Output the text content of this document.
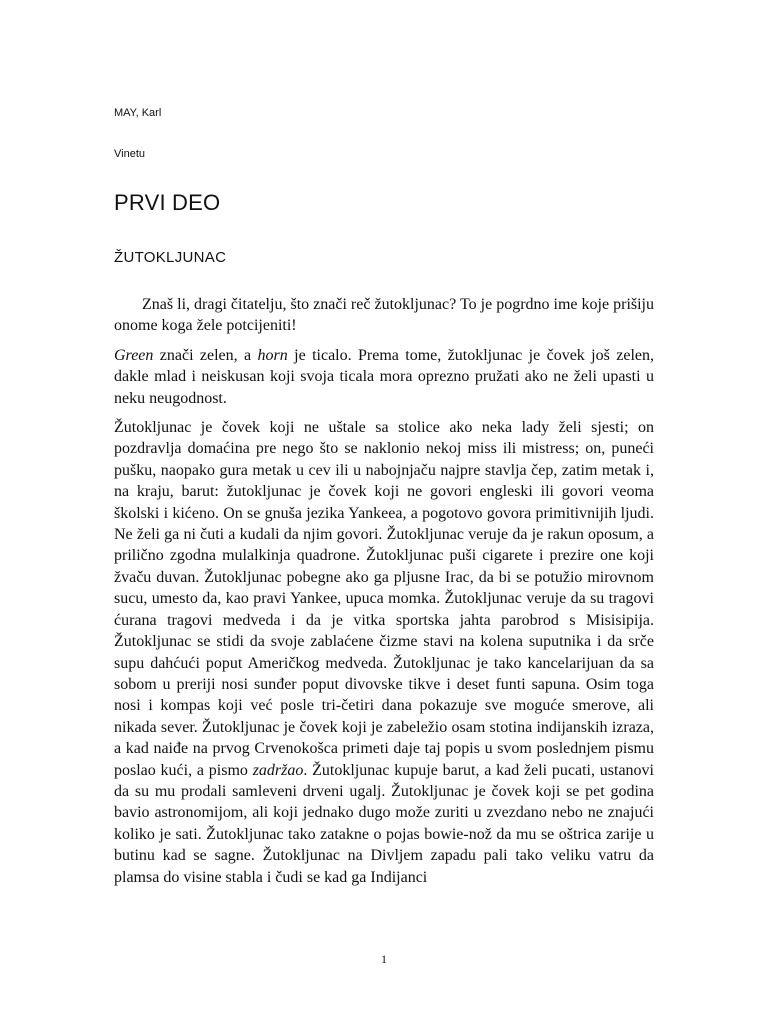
MAY, Karl
Vinetu
PRVI DEO
ŽUTOKLJUNAC

Znaš li, dragi čitatelju, što znači reč žutokljunac? To je pogrdno ime koje prišiju onome koga žele potcijeniti!

Green znači zelen, a horn je ticalo. Prema tome, žutokljunac je čovek još zelen, dakle mlad i neiskusan koji svoja ticala mora oprezno pružati ako ne želi upasti u neku neugodnost.

Žutokljunac je čovek koji ne uštale sa stolice ako neka lady želi sjesti; on pozdravlja domaćina pre nego što se naklonio nekoj miss ili mistress; on, puneći pušku, naopako gura metak u cev ili u nabojnjaču najpre stavlja čep, zatim metak i, na kraju, barut: žutokljunac je čovek koji ne govori engleski ili govori veoma školski i kićeno. On se gnuša jezika Yankeea, a pogotovo govora primitivnijih ljudi. Ne želi ga ni čuti a kudali da njim govori. Žutokljunac veruje da je rakun oposum, a prilično zgodna mulalkinja quadrone. Žutokljunac puši cigarete i prezire one koji žvaču duvan. Žutokljunac pobegne ako ga pljusne Irac, da bi se potužio mirovnom sucu, umesto da, kao pravi Yankee, upuca momka. Žutokljunac veruje da su tragovi ćurana tragovi medveda i da je vitka sportska jahta parobrod s Misisipija. Žutokljunac se stidi da svoje zablaćene čizme stavi na kolena suputnika i da srče supu dahćući poput Američkog medveda. Žutokljunac je tako kancelarijuan da sa sobom u preriji nosi sunđer poput divovske tikve i deset funti sapuna. Osim toga nosi i kompas koji već posle tri-četiri dana pokazuje sve moguće smerove, ali nikada sever. Žutokljunac je čovek koji je zabeležio osam stotina indijanskih izraza, a kad naiđe na prvog Crvenokošca primeti daje taj popis u svom poslednjem pismu poslao kući, a pismo zadržao. Žutokljunac kupuje barut, a kad želi pucati, ustanovi da su mu prodali samleveni drveni ugalj. Žutokljunac je čovek koji se pet godina bavio astronomijom, ali koji jednako dugo može zuriti u zvezdano nebo ne znajući koliko je sati. Žutokljunac tako zatakne o pojas bowie-nož da mu se oštrica zarije u butinu kad se sagne. Žutokljunac na Divljem zapadu pali tako veliku vatru da plamsa do visine stabla i čudi se kad ga Indijanci

1
